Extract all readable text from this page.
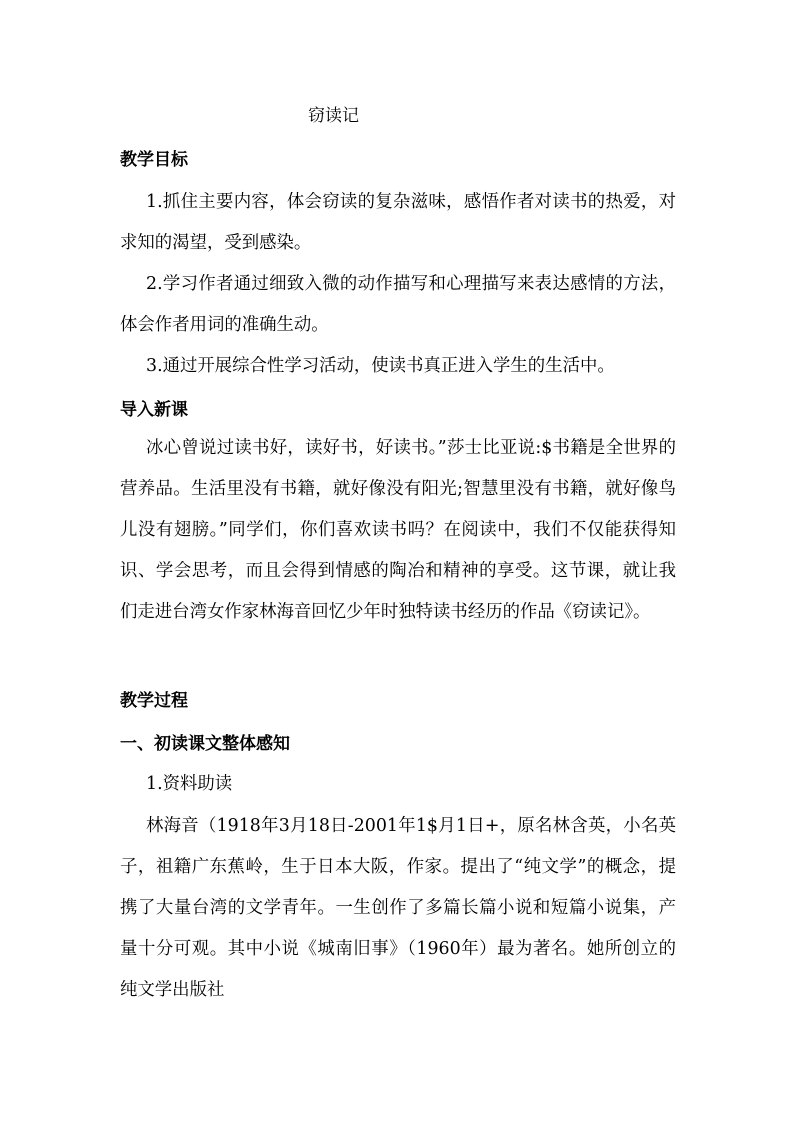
窃读记
教学目标
1.抓住主要内容，体会窃读的复杂滋味，感悟作者对读书的热爱，对求知的渴望，受到感染。
2.学习作者通过细致入微的动作描写和心理描写来表达感情的方法，体会作者用词的准确生动。
3.通过开展综合性学习活动，使读书真正进入学生的生活中。
导入新课
冰心曾说过读书好，读好书，好读书。”莎士比亚说:$书籍是全世界的营养品。生活里没有书籍，就好像没有阳光;智慧里没有书籍，就好像鸟儿没有翅膀。”同学们，你们喜欢读书吗？在阅读中，我们不仅能获得知识、学会思考，而且会得到情感的陶冶和精神的享受。这节课，就让我们走进台湾女作家林海音回忆少年时独特读书经历的作品《窃读记》。
教学过程
一、初读课文整体感知
1.资料助读
林海音（1918年3月18日-2001年1$月1日+，原名林含英，小名英子，祖籍广东蕉岭，生于日本大阪，作家。提出了“纯文学”的概念，提携了大量台湾的文学青年。一生创作了多篇长篇小说和短篇小说集，产量十分可观。其中小说《城南旧事》（1960年）最为著名。她所创立的纯文学出版社
